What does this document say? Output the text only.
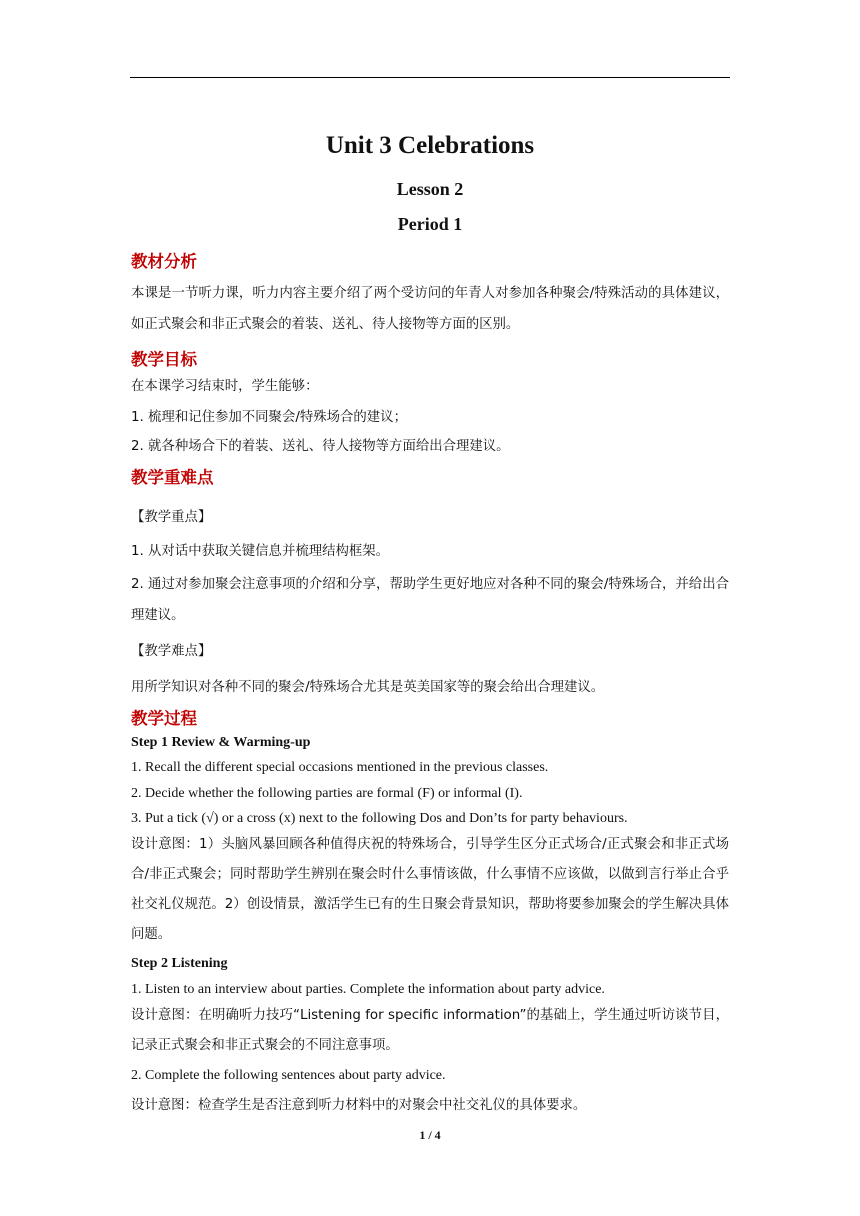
Unit 3 Celebrations
Lesson 2
Period 1
教材分析
本课是一节听力课，听力内容主要介绍了两个受访问的年青人对参加各种聚会/特殊活动的具体建议，如正式聚会和非正式聚会的着装、送礼、待人接物等方面的区别。
教学目标
在本课学习结束时，学生能够：
1. 梳理和记住参加不同聚会/特殊场合的建议；
2. 就各种场合下的着装、送礼、待人接物等方面给出合理建议。
教学重难点
【教学重点】
1. 从对话中获取关键信息并梳理结构框架。
2. 通过对参加聚会注意事项的介绍和分享，帮助学生更好地应对各种不同的聚会/特殊场合，并给出合理建议。
【教学难点】
用所学知识对各种不同的聚会/特殊场合尤其是英美国家等的聚会给出合理建议。
教学过程
Step 1 Review & Warming-up
1. Recall the different special occasions mentioned in the previous classes.
2. Decide whether the following parties are formal (F) or informal (I).
3. Put a tick (√) or a cross (x) next to the following Dos and Don’ts for party behaviours.
设计意图：1）头脑风暴回顾各种值得庆祝的特殊场合，引导学生区分正式场合/正式聚会和非正式场合/非正式聚会；同时帮助学生辨别在聚会时什么事情该做，什么事情不应该做，以做到言行举止合乎社交礼仪规范。2）创设情景，激活学生已有的生日聚会背景知识，帮助将要参加聚会的学生解决具体问题。
Step 2 Listening
1. Listen to an interview about parties. Complete the information about party advice.
设计意图：在明确听力技巧“Listening for specific information”的基础上，学生通过听访谈节目，记录正式聚会和非正式聚会的不同注意事项。
2. Complete the following sentences about party advice.
设计意图：检查学生是否注意到听力材料中的对聚会中社交礼仪的具体要求。
1 / 4
